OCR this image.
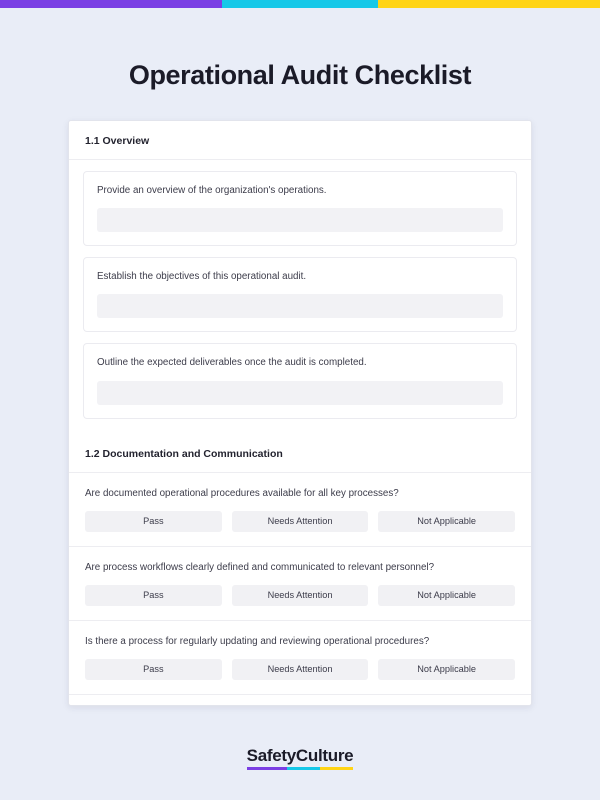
Operational Audit Checklist
1.1 Overview
Provide an overview of the organization's operations.
Establish the objectives of this operational audit.
Outline the expected deliverables once the audit is completed.
1.2 Documentation and Communication
Are documented operational procedures available for all key processes?
Pass	Needs Attention	Not Applicable
Are process workflows clearly defined and communicated to relevant personnel?
Pass	Needs Attention	Not Applicable
Is there a process for regularly updating and reviewing operational procedures?
Pass	Needs Attention	Not Applicable
SafetyCulture
